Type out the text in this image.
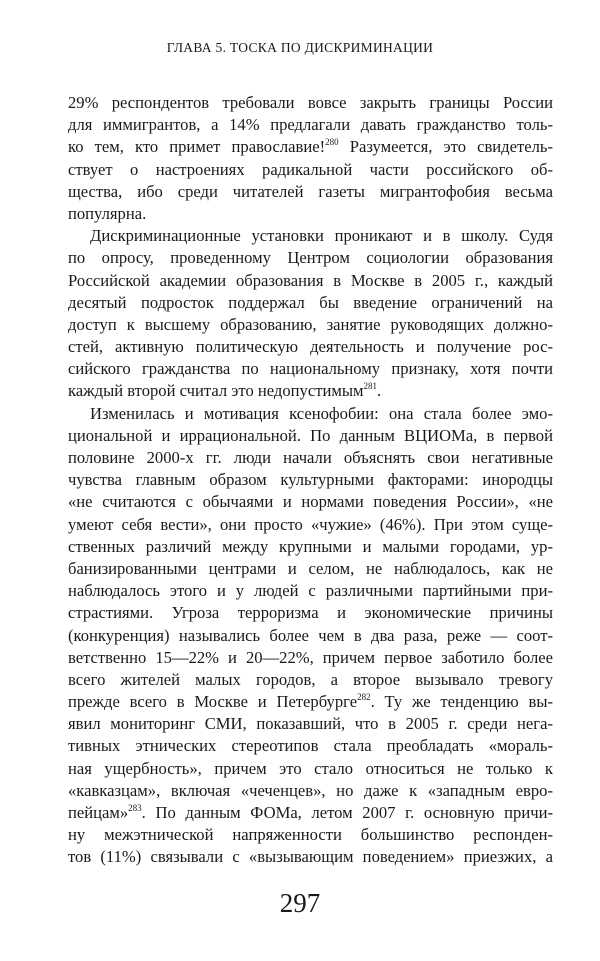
ГЛАВА 5. ТОСКА ПО ДИСКРИМИНАЦИИ
29% респондентов требовали вовсе закрыть границы России
для иммигрантов, а 14% предлагали давать гражданство толь-
ко тем, кто примет православие!$^{280}$ Разумеется, это свидетель-
ствует о настроениях радикальной части российского об-
щества, ибо среди читателей газеты мигрантофобия весьма
популярна.
Дискриминационные установки проникают и в школу. Судя
по опросу, проведенному Центром социологии образования
Российской академии образования в Москве в 2005 г., каждый
десятый подросток поддержал бы введение ограничений на
доступ к высшему образованию, занятие руководящих должно-
стей, активную политическую деятельность и получение рос-
сийского гражданства по национальному признаку, хотя почти
каждый второй считал это недопустимым$^{281}$.
Изменилась и мотивация ксенофобии: она стала более эмо-
циональной и иррациональной. По данным ВЦИОМа, в первой
половине 2000-х гг. люди начали объяснять свои негативные
чувства главным образом культурными факторами: инородцы
«не считаются с обычаями и нормами поведения России», «не
умеют себя вести», они просто «чужие» (46%). При этом суще-
ственных различий между крупными и малыми городами, ур-
банизированными центрами и селом, не наблюдалось, как не
наблюдалось этого и у людей с различными партийными при-
страстиями. Угроза терроризма и экономические причины
(конкуренция) назывались более чем в два раза, реже — соот-
ветственно 15—22% и 20—22%, причем первое заботило более
всего жителей малых городов, а второе вызывало тревогу
прежде всего в Москве и Петербурге$^{282}$. Ту же тенденцию вы-
явил мониторинг СМИ, показавший, что в 2005 г. среди нега-
тивных этнических стереотипов стала преобладать «мораль-
ная ущербность», причем это стало относиться не только к
«кавказцам», включая «чеченцев», но даже к «западным евро-
пейцам»$^{283}$. По данным ФОМа, летом 2007 г. основную причи-
ну межэтнической напряженности большинство респонден-
тов (11%) связывали с «вызывающим поведением» приезжих, а
297
